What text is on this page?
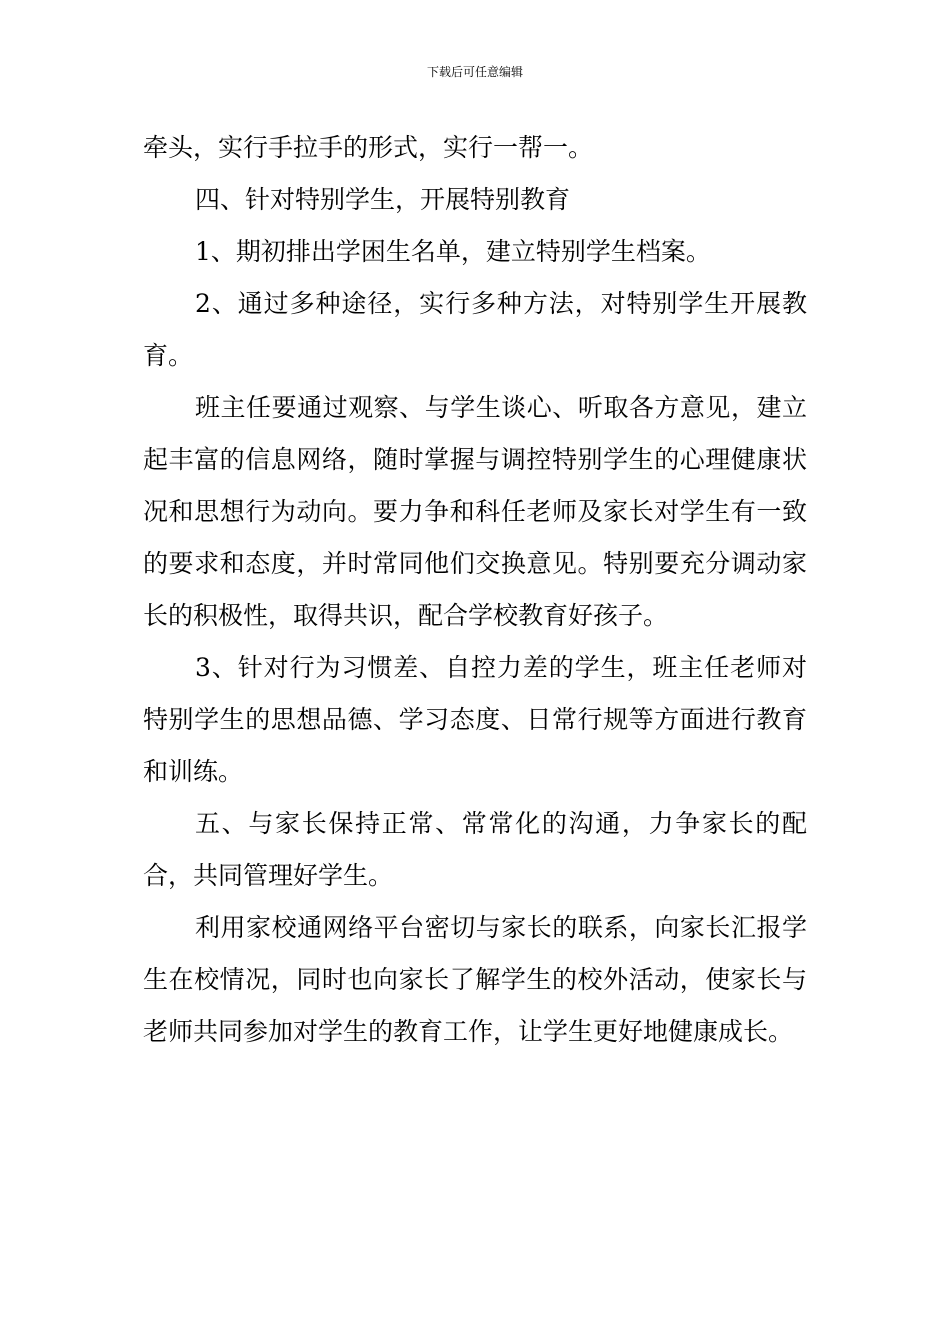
下载后可任意编辑

牵头，实行手拉手的形式，实行一帮一。

四、针对特别学生，开展特别教育

1、期初排出学困生名单，建立特别学生档案。

2、通过多种途径，实行多种方法，对特别学生开展教育。

班主任要通过观察、与学生谈心、听取各方意见，建立起丰富的信息网络，随时掌握与调控特别学生的心理健康状况和思想行为动向。要力争和科任老师及家长对学生有一致的要求和态度，并时常同他们交换意见。特别要充分调动家长的积极性，取得共识，配合学校教育好孩子。

3、针对行为习惯差、自控力差的学生，班主任老师对特别学生的思想品德、学习态度、日常行规等方面进行教育和训练。

五、与家长保持正常、常常化的沟通，力争家长的配合，共同管理好学生。

利用家校通网络平台密切与家长的联系，向家长汇报学生在校情况，同时也向家长了解学生的校外活动，使家长与老师共同参加对学生的教育工作，让学生更好地健康成长。
